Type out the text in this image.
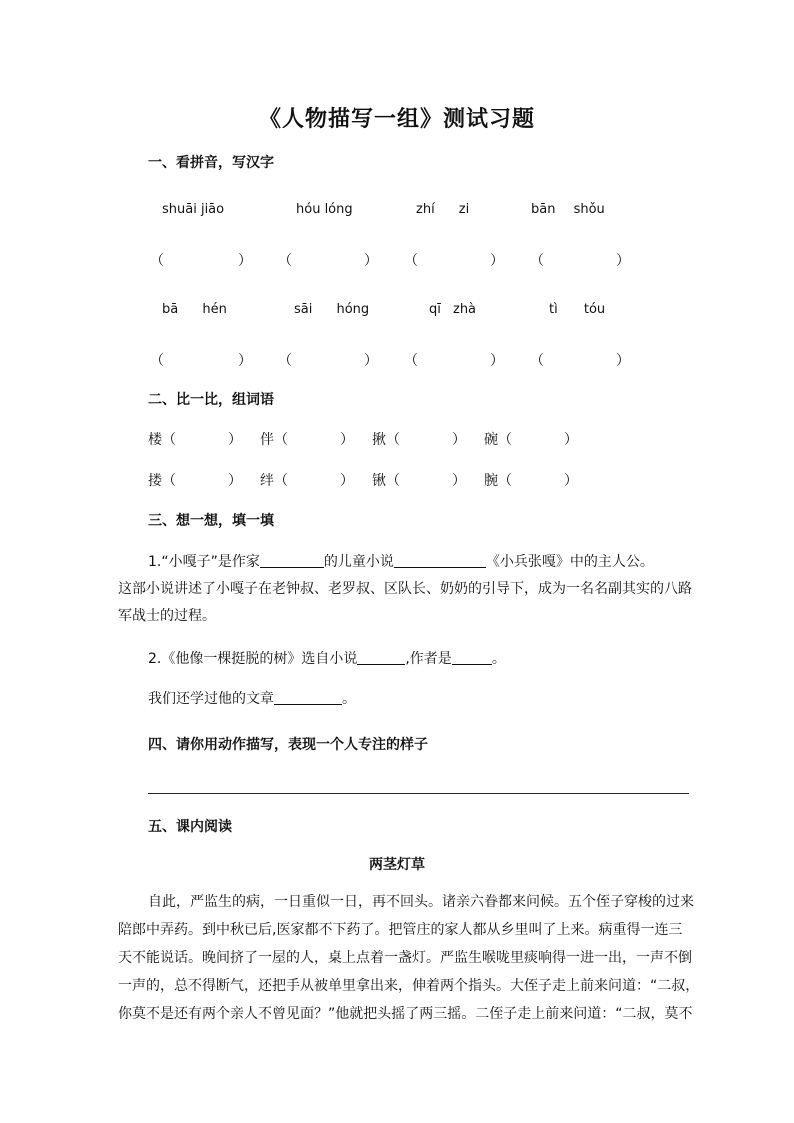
《人物描写一组》测试习题
一、看拼音，写汉字
shuāi jiāo	hóu lóng	zhí zi	bān shǒu
（	） （	） （	） （	）
bā hén	sāi hóng	qī zhà	tì tóu
（	） （	） （	） （	）
二、比一比，组词语
楼 （	） 伴 （	） 揪 （	） 碗 （	）
搂 （	） 绊 （	） 锹 （	） 腕 （	）
三、想一想，填一填
1.“小嘎子”是作家	的儿童小说	《小兵张嘎》中的主人公。
这部小说讲述了小嘎子在老钟叔、老罗叔、区队长、奶奶的引导下，成为一名名副其实的八路
军战士的过程。
2.《他像一棵挺脱的树》选自小说	,作者是	。
我们还学过他的文章	。
四、请你用动作描写，表现一个人专注的样子
五、课内阅读
两茎灯草
自此，严监生的病，一日重似一日，再不回头。诸亲六眷都来问候。五个侄子穿梭的过来
陪郎中弄药。到中秋已后,医家都不下药了。把管庄的家人都从乡里叫了上来。病重得一连三
天不能说话。晚间挤了一屋的人，桌上点着一盏灯。严监生喉咙里痰响得一进一出，一声不倒
一声的，总不得断气，还把手从被单里拿出来，伸着两个指头。大侄子走上前来问道：“二叔，
你莫不是还有两个亲人不曾见面？”他就把头摇了两三摇。二侄子走上前来问道：“二叔，莫不
